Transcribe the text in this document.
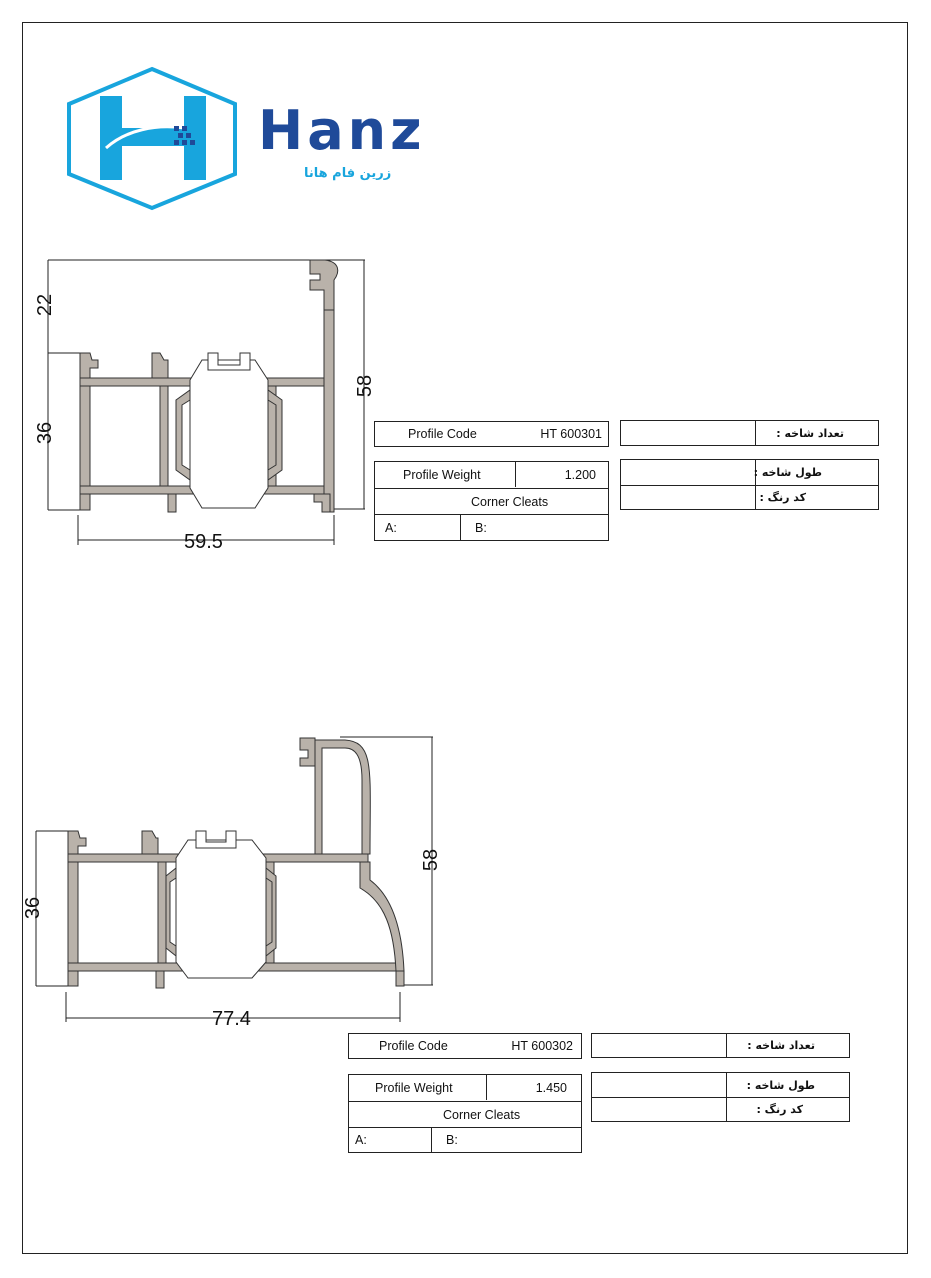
Hanz
زرین فام هانا
22
36
58
59.5
Profile Code	HT 600301
Profile Weight	1.200
Corner Cleats
A:	B:
تعداد شاخه :
طول شاخه :
کد رنگ :
36
58
77.4
Profile Code	HT 600302
Profile Weight	1.450
Corner Cleats
A:	B:
تعداد شاخه :
طول شاخه :
کد رنگ :
